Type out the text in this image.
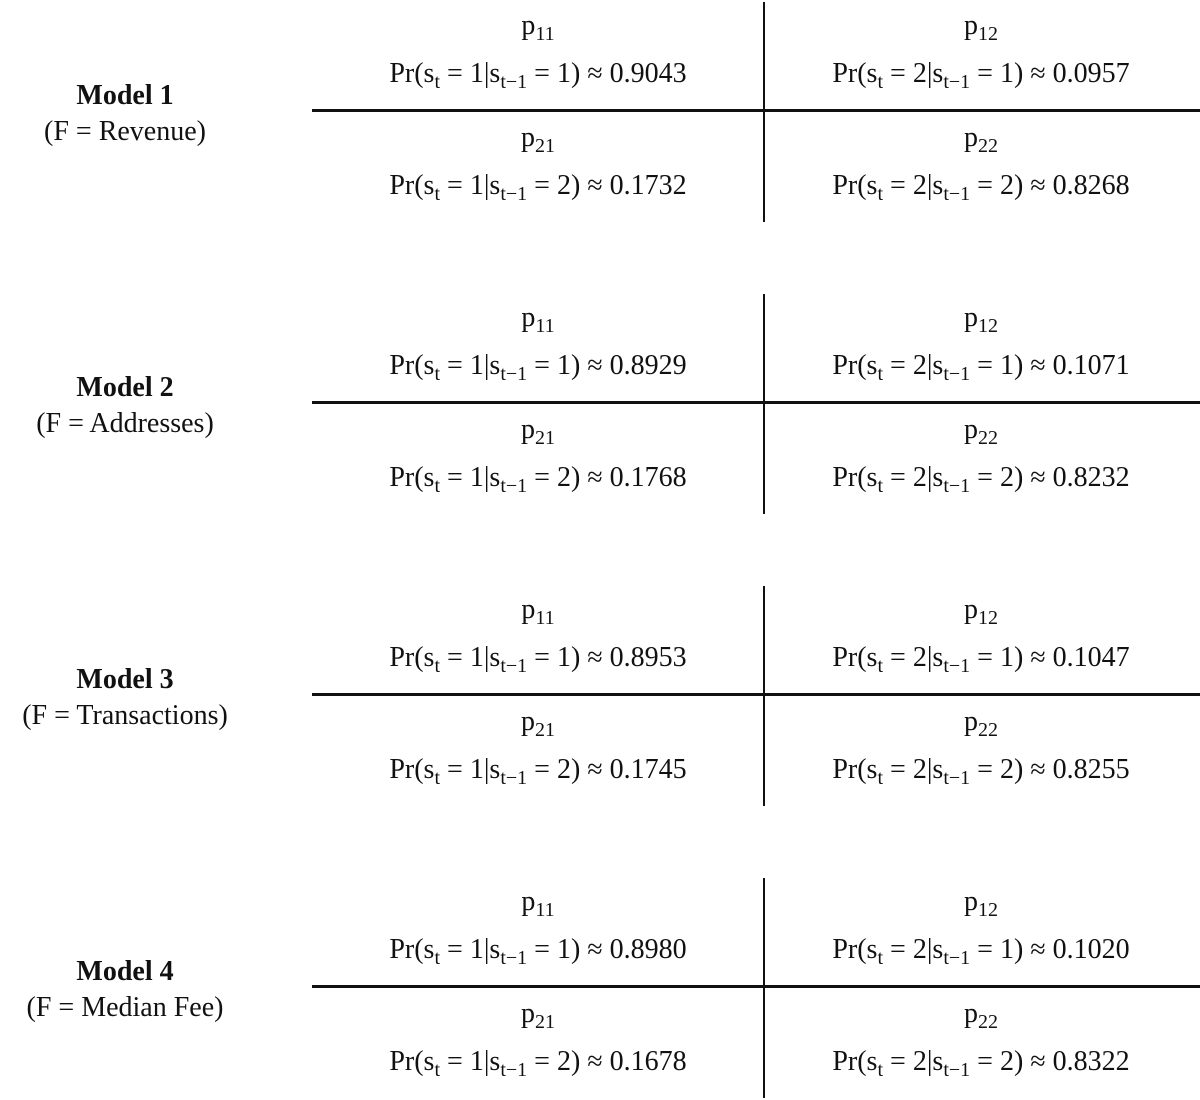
Model 1
(F = Revenue)
$p_{11}$
$Pr(s_t = 1|s_{t-1} = 1) \approx 0.9043$
$p_{12}$
$Pr(s_t = 2|s_{t-1} = 1) \approx 0.0957$
$p_{21}$
$Pr(s_t = 1|s_{t-1} = 2) \approx 0.1732$
$p_{22}$
$Pr(s_t = 2|s_{t-1} = 2) \approx 0.8268$
Model 2
(F = Addresses)
$p_{11}$
$Pr(s_t = 1|s_{t-1} = 1) \approx 0.8929$
$p_{12}$
$Pr(s_t = 2|s_{t-1} = 1) \approx 0.1071$
$p_{21}$
$Pr(s_t = 1|s_{t-1} = 2) \approx 0.1768$
$p_{22}$
$Pr(s_t = 2|s_{t-1} = 2) \approx 0.8232$
Model 3
(F = Transactions)
$p_{11}$
$Pr(s_t = 1|s_{t-1} = 1) \approx 0.8953$
$p_{12}$
$Pr(s_t = 2|s_{t-1} = 1) \approx 0.1047$
$p_{21}$
$Pr(s_t = 1|s_{t-1} = 2) \approx 0.1745$
$p_{22}$
$Pr(s_t = 2|s_{t-1} = 2) \approx 0.8255$
Model 4
(F = Median Fee)
$p_{11}$
$Pr(s_t = 1|s_{t-1} = 1) \approx 0.8980$
$p_{12}$
$Pr(s_t = 2|s_{t-1} = 1) \approx 0.1020$
$p_{21}$
$Pr(s_t = 1|s_{t-1} = 2) \approx 0.1678$
$p_{22}$
$Pr(s_t = 2|s_{t-1} = 2) \approx 0.8322$
